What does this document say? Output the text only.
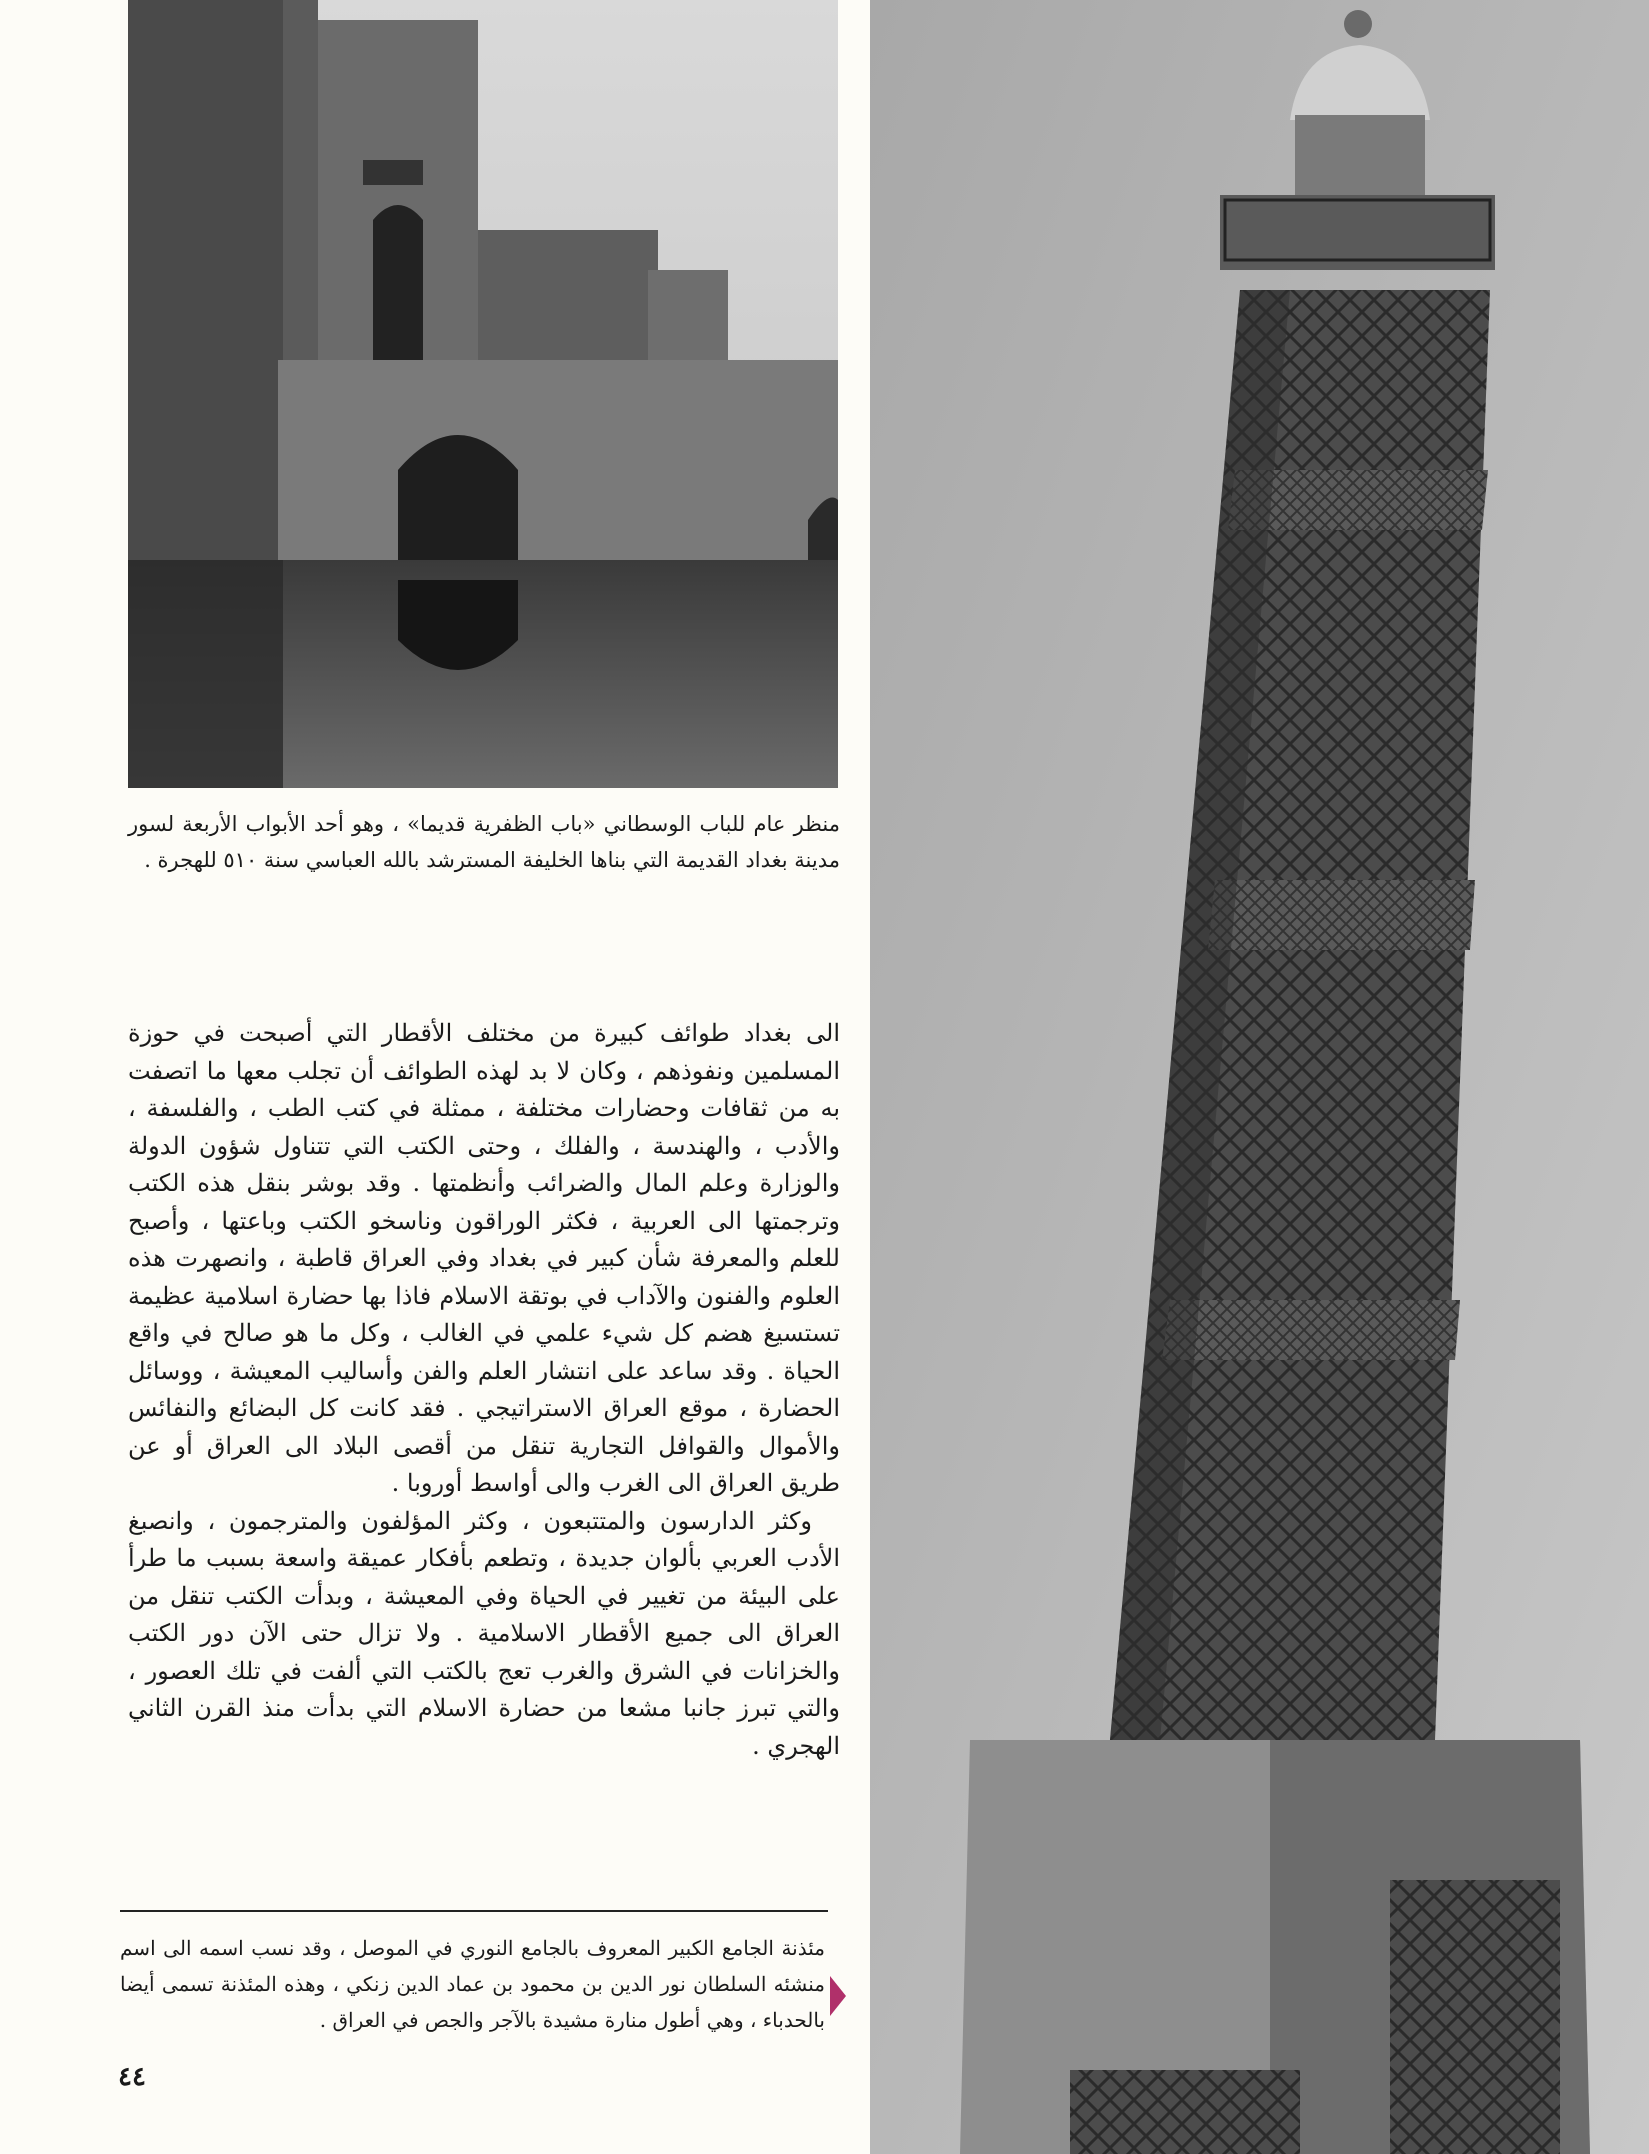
منظر عام للباب الوسطاني «باب الظفرية قديما» ، وهو أحد الأبواب الأربعة لسور مدينة بغداد القديمة التي بناها الخليفة المسترشد بالله العباسي سنة ٥١٠ للهجرة .

الى بغداد طوائف كبيرة من مختلف الأقطار التي أصبحت في حوزة المسلمين ونفوذهم ، وكان لا بد لهذه الطوائف أن تجلب معها ما اتصفت به من ثقافات وحضارات مختلفة ، ممثلة في كتب الطب ، والفلسفة ، والأدب ، والهندسة ، والفلك ، وحتى الكتب التي تتناول شؤون الدولة والوزارة وعلم المال والضرائب وأنظمتها . وقد بوشر بنقل هذه الكتب وترجمتها الى العربية ، فكثر الوراقون وناسخو الكتب وباعتها ، وأصبح للعلم والمعرفة شأن كبير في بغداد وفي العراق قاطبة ، وانصهرت هذه العلوم والفنون والآداب في بوتقة الاسلام فاذا بها حضارة اسلامية عظيمة تستسيغ هضم كل شيء علمي في الغالب ، وكل ما هو صالح في واقع الحياة . وقد ساعد على انتشار العلم والفن وأساليب المعيشة ، ووسائل الحضارة ، موقع العراق الاستراتيجي . فقد كانت كل البضائع والنفائس والأموال والقوافل التجارية تنقل من أقصى البلاد الى العراق أو عن طريق العراق الى الغرب والى أواسط أوروبا .

وكثر الدارسون والمتتبعون ، وكثر المؤلفون والمترجمون ، وانصبغ الأدب العربي بألوان جديدة ، وتطعم بأفكار عميقة واسعة بسبب ما طرأ على البيئة من تغيير في الحياة وفي المعيشة ، وبدأت الكتب تنقل من العراق الى جميع الأقطار الاسلامية . ولا تزال حتى الآن دور الكتب والخزانات في الشرق والغرب تعج بالكتب التي ألفت في تلك العصور ، والتي تبرز جانبا مشعا من حضارة الاسلام التي بدأت منذ القرن الثاني الهجري .

مئذنة الجامع الكبير المعروف بالجامع النوري في الموصل ، وقد نسب اسمه الى اسم منشئه السلطان نور الدين بن محمود بن عماد الدين زنكي ، وهذه المئذنة تسمى أيضا بالحدباء ، وهي أطول منارة مشيدة بالآجر والجص في العراق .
٤٤
